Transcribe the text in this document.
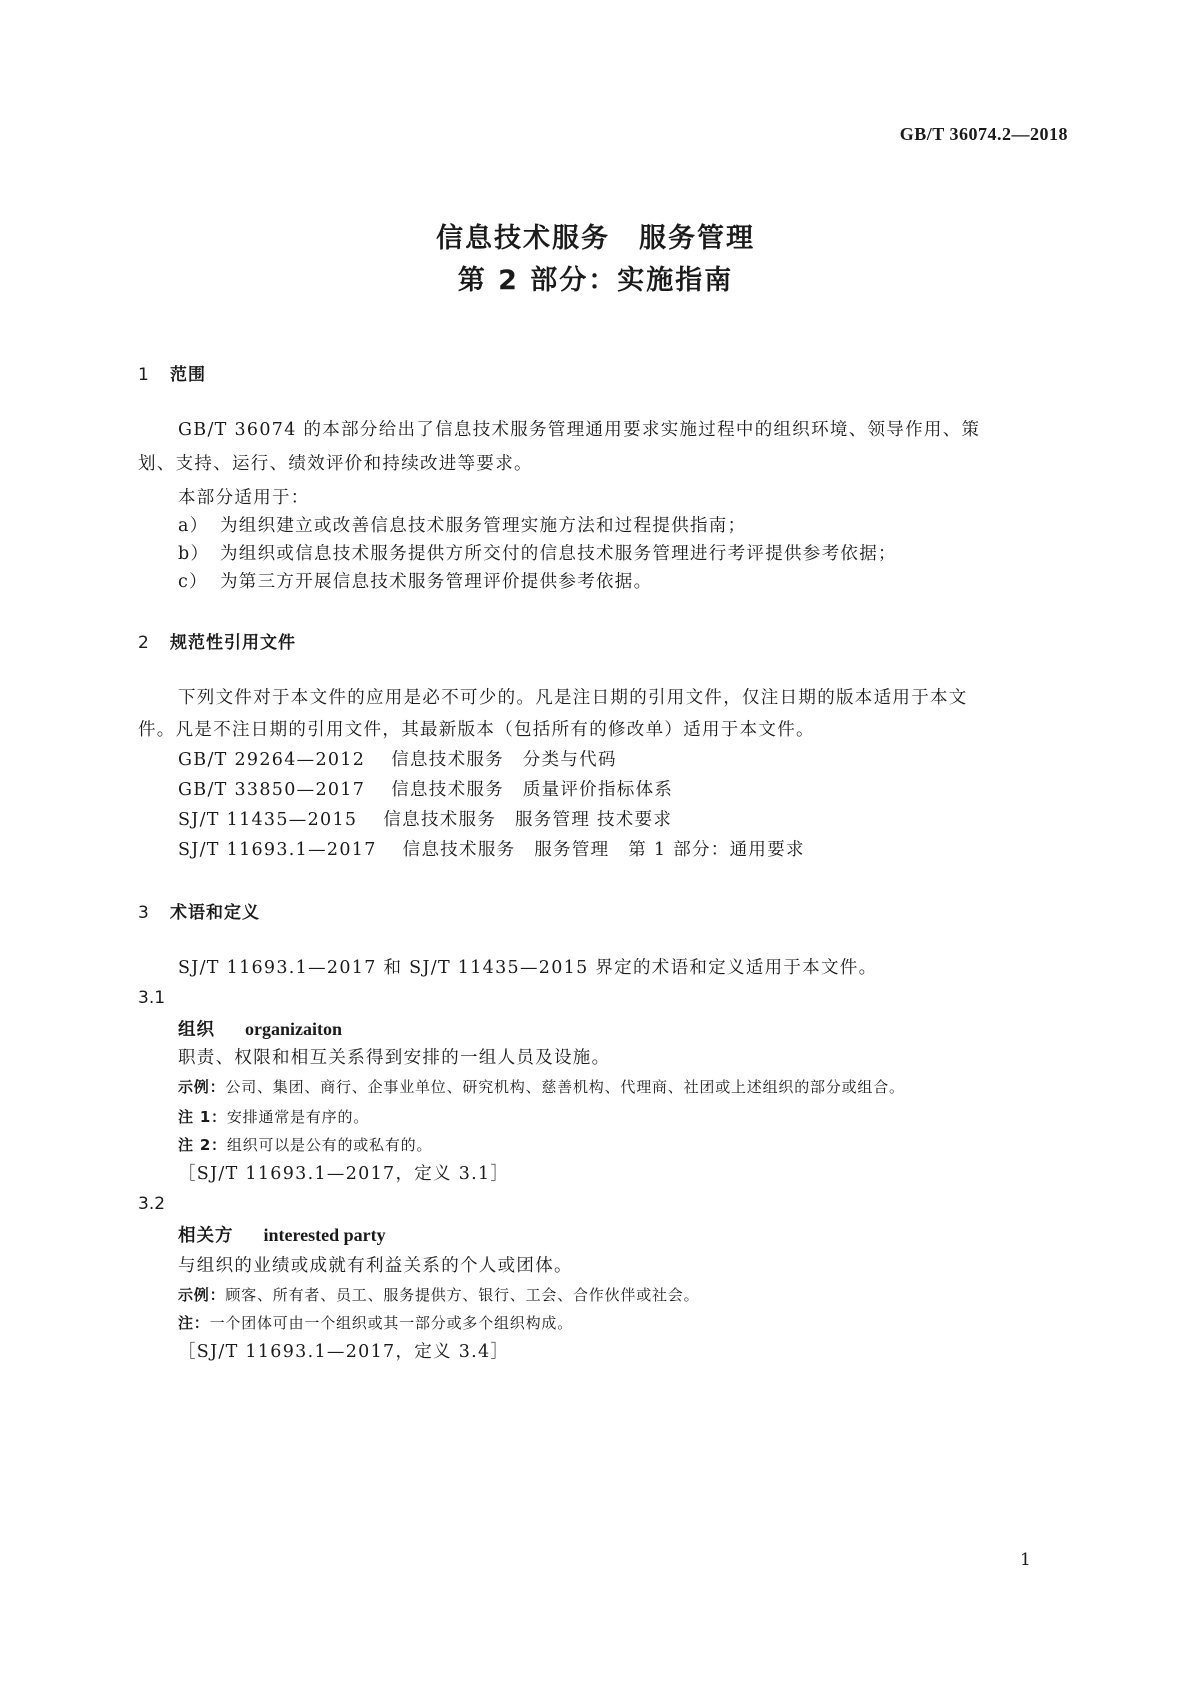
GB/T 36074.2—2018
信息技术服务　服务管理
第 2 部分：实施指南
1 范围
GB/T 36074 的本部分给出了信息技术服务管理通用要求实施过程中的组织环境、领导作用、策
划、支持、运行、绩效评价和持续改进等要求。
本部分适用于：
a） 为组织建立或改善信息技术服务管理实施方法和过程提供指南；
b） 为组织或信息技术服务提供方所交付的信息技术服务管理进行考评提供参考依据；
c） 为第三方开展信息技术服务管理评价提供参考依据。
2 规范性引用文件
下列文件对于本文件的应用是必不可少的。凡是注日期的引用文件，仅注日期的版本适用于本文
件。凡是不注日期的引用文件，其最新版本（包括所有的修改单）适用于本文件。
GB/T 29264—2012 信息技术服务　分类与代码
GB/T 33850—2017 信息技术服务　质量评价指标体系
SJ/T 11435—2015 信息技术服务　服务管理 技术要求
SJ/T 11693.1—2017 信息技术服务　服务管理　第 1 部分：通用要求
3 术语和定义
SJ/T 11693.1—2017 和 SJ/T 11435—2015 界定的术语和定义适用于本文件。
3.1
组织 organizaiton
职责、权限和相互关系得到安排的一组人员及设施。
示例：公司、集团、商行、企事业单位、研究机构、慈善机构、代理商、社团或上述组织的部分或组合。
注 1：安排通常是有序的。
注 2：组织可以是公有的或私有的。
［SJ/T 11693.1—2017，定义 3.1］
3.2
相关方 interested party
与组织的业绩或成就有利益关系的个人或团体。
示例：顾客、所有者、员工、服务提供方、银行、工会、合作伙伴或社会。
注：一个团体可由一个组织或其一部分或多个组织构成。
［SJ/T 11693.1—2017，定义 3.4］
1
